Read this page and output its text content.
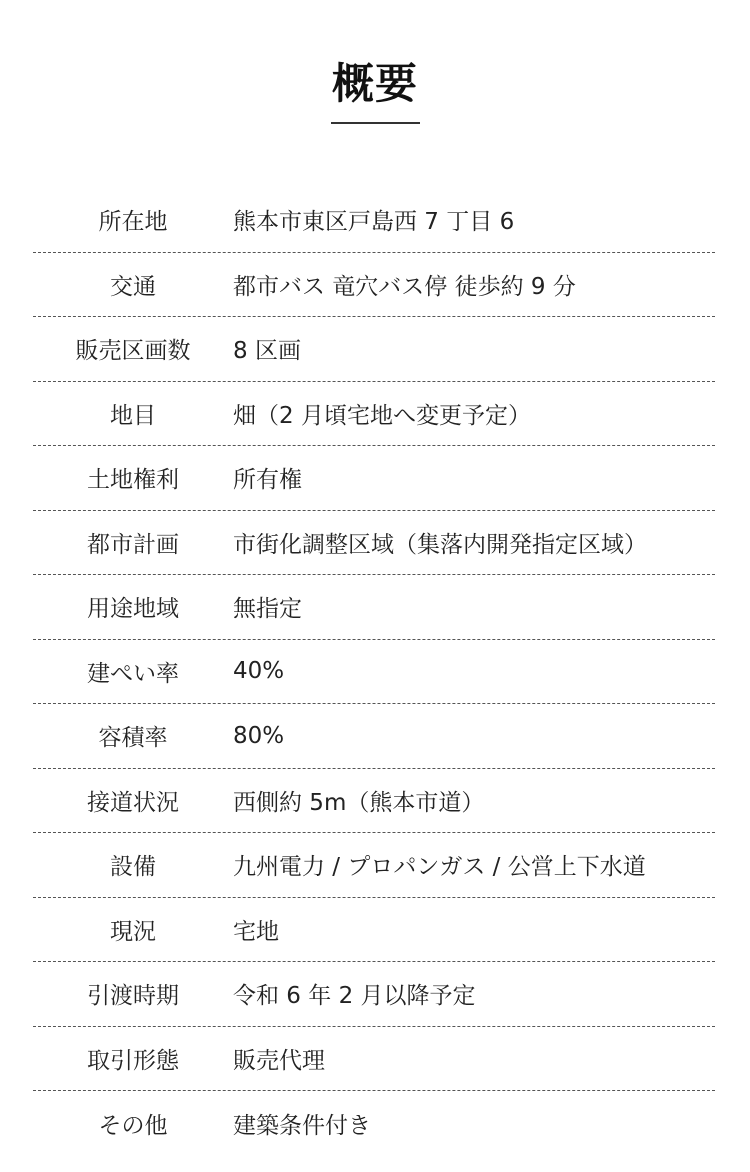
概要
所在地	熊本市東区戸島西 7 丁目 6
交通	都市バス 竜穴バス停 徒歩約 9 分
販売区画数	8 区画
地目	畑（2 月頃宅地へ変更予定）
土地権利	所有権
都市計画	市街化調整区域（集落内開発指定区域）
用途地域	無指定
建ぺい率	40%
容積率	80%
接道状況	西側約 5m（熊本市道）
設備	九州電力 / プロパンガス / 公営上下水道
現況	宅地
引渡時期	令和 6 年 2 月以降予定
取引形態	販売代理
その他	建築条件付き
